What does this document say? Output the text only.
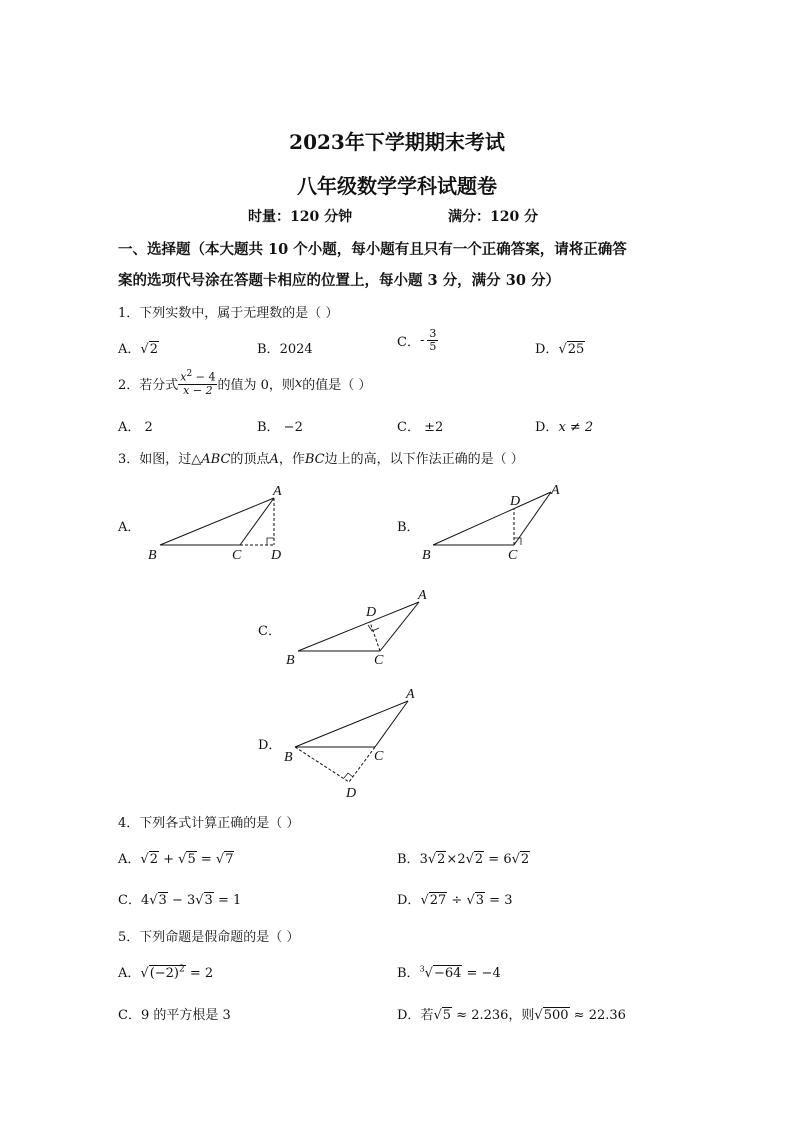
2023年下学期期末考试
八年级数学学科试题卷
时量：120 分钟	满分：120 分
一、选择题（本大题共 10 个小题，每小题有且只有一个正确答案，请将正确答
案的选项代号涂在答题卡相应的位置上，每小题 3 分，满分 30 分）
1．下列实数中，属于无理数的是（ ）
A．√2	B．2024	C．- $\frac{3}{5}$	D．√25
2．若分式 $\frac{x^2 - 4}{x - 2}$ 的值为 0，则x的值是（ ）
A． 2	B． −2	C． ±2	D．x ≠ 2
3．如图，过△ABC的顶点A，作BC边上的高，以下作法正确的是（ ）
A．
A
B	C D
B．
A
D
B	C
C．
A
D
B	C
D．
A
B	C
D
4．下列各式计算正确的是（ ）
A．√2 + √5 = √7	B．3√2×2√2 = 6√2
C．4√3 − 3√3 = 1	D．√27 ÷ √3 = 3
5．下列命题是假命题的是（ ）
A．$√(-2)^2 = 2$	B．$^3$√−64 = −4
C．9 的平方根是 3	D．若√5 ≈ 2.236，则√500 ≈ 22.36
